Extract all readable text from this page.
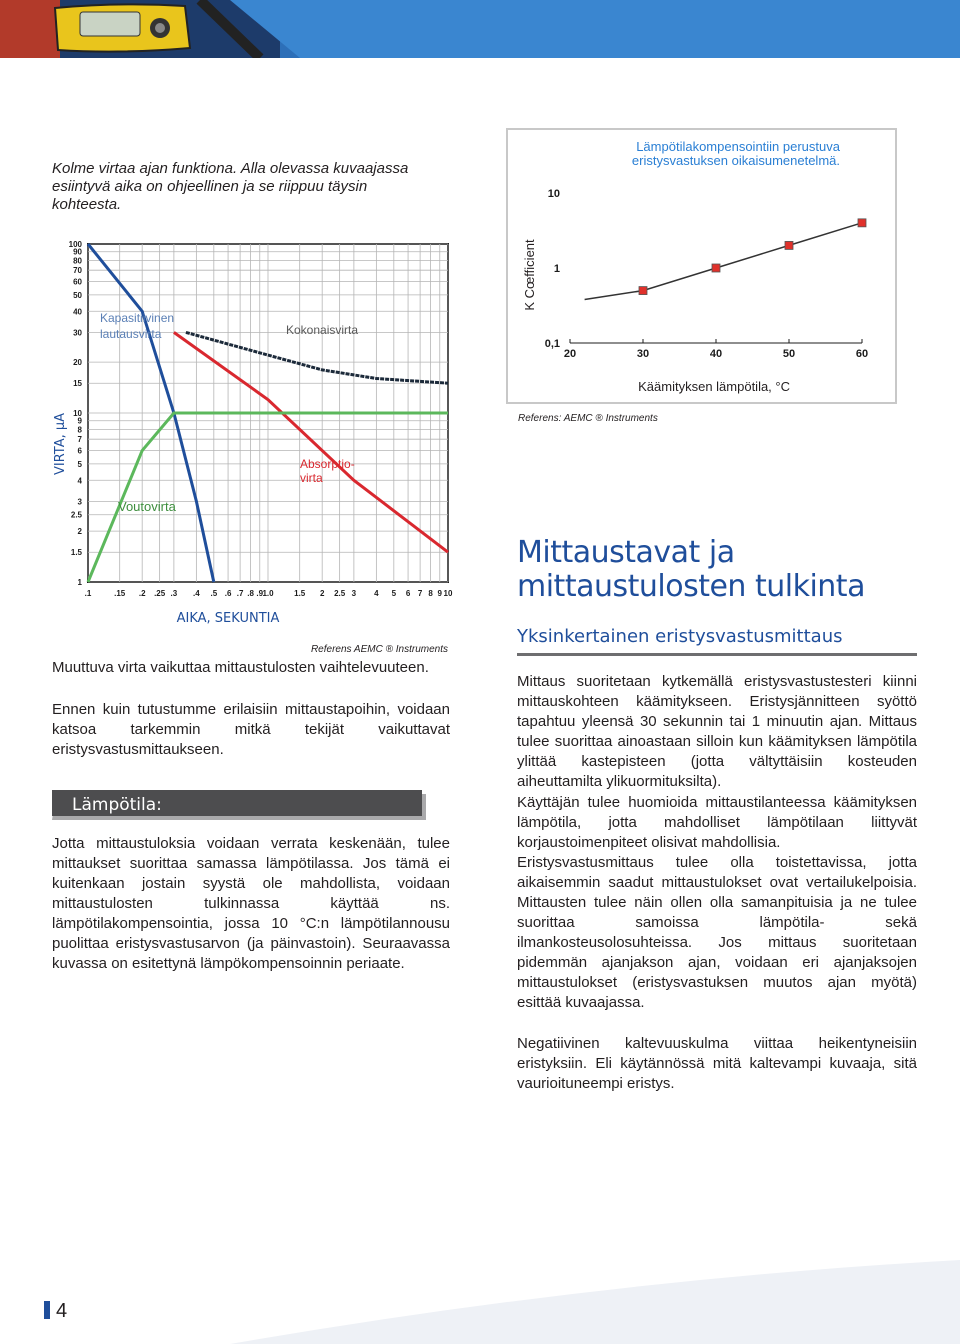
Kolme virtaa ajan funktiona. Alla olevassa kuvaajassa
esiintyvä aika on ohjeellinen ja se riippuu täysin kohteesta.
100
90
80
70
60
50
40
30
20
15
10
9
8
7
6
5
4
3
2.5
2
1.5
1
.1	.15 .2 .25 .3 .4 .5 .6 .7 .8 .9 1.0	1.5 2 2.5 3 4 5 6 7 8 9 10
Kapasitiivinen
lautausvirta	Kokonaisvirta
Absorptio-
virta
Voutovirta
VIRTA, µA
AIKA, SEKUNTIA
Referens AEMC ® Instruments
Lämpötilakompensointiin perustuva
eristysvastuksen oikaisumenetelmä.
10
1
0,1
20	30	40	50	60
K Cœfficient
Käämityksen lämpötila, °C
Referens: AEMC ® Instruments
Muuttuva virta vaikuttaa mittaustulosten vaihtelevuuteen.
Ennen kuin tutustumme erilaisiin mittaustapoihin, voidaan katsoa tarkemmin mitkä tekijät vaikuttavat eristysvastusmittaukseen.
Lämpötila:
Jotta mittaustuloksia voidaan verrata keskenään, tulee mittaukset suorittaa samassa lämpötilassa. Jos tämä ei kuitenkaan jostain syystä ole mahdollista, voidaan mittaustulosten tulkinnassa käyttää ns. lämpötilakompensointia, jossa 10 °C:n lämpötilannousu puolittaa eristysvastusarvon (ja päinvastoin). Seuraavassa kuvassa on esitettynä lämpökompensoinnin periaate.
Mittaustavat ja
mittaustulosten tulkinta
Yksinkertainen eristysvastusmittaus
Mittaus suoritetaan kytkemällä eristysvastustesteri kiinni mittauskohteen käämitykseen. Eristysjännitteen syöttö tapahtuu yleensä 30 sekunnin tai 1 minuutin ajan. Mittaus tulee suorittaa ainoastaan silloin kun käämityksen lämpötila ylittää kastepisteen (jotta vältyttäisiin kosteuden aiheuttamilta ylikuormituksilta).
Käyttäjän tulee huomioida mittaustilanteessa käämityksen lämpötila, jotta mahdolliset lämpötilaan liittyvät korjaustoimenpiteet olisivat mahdollisia.
Eristysvastusmittaus tulee olla toistettavissa, jotta aikaisemmin saadut mittaustulokset ovat vertailukelpoisia. Mittausten tulee näin ollen olla samanpituisia ja ne tulee suorittaa samoissa lämpötila- sekä ilmankosteusolosuhteissa. Jos mittaus suoritetaan pidemmän ajanjakson ajan, voidaan eri ajanjaksojen mittaustulokset (eristysvastuksen muutos ajan myötä) esittää kuvaajassa.
Negatiivinen kaltevuuskulma viittaa heikentyneisiin eristyksiin. Eli käytännössä mitä kaltevampi kuvaaja, sitä vaurioituneempi eristys.
4
